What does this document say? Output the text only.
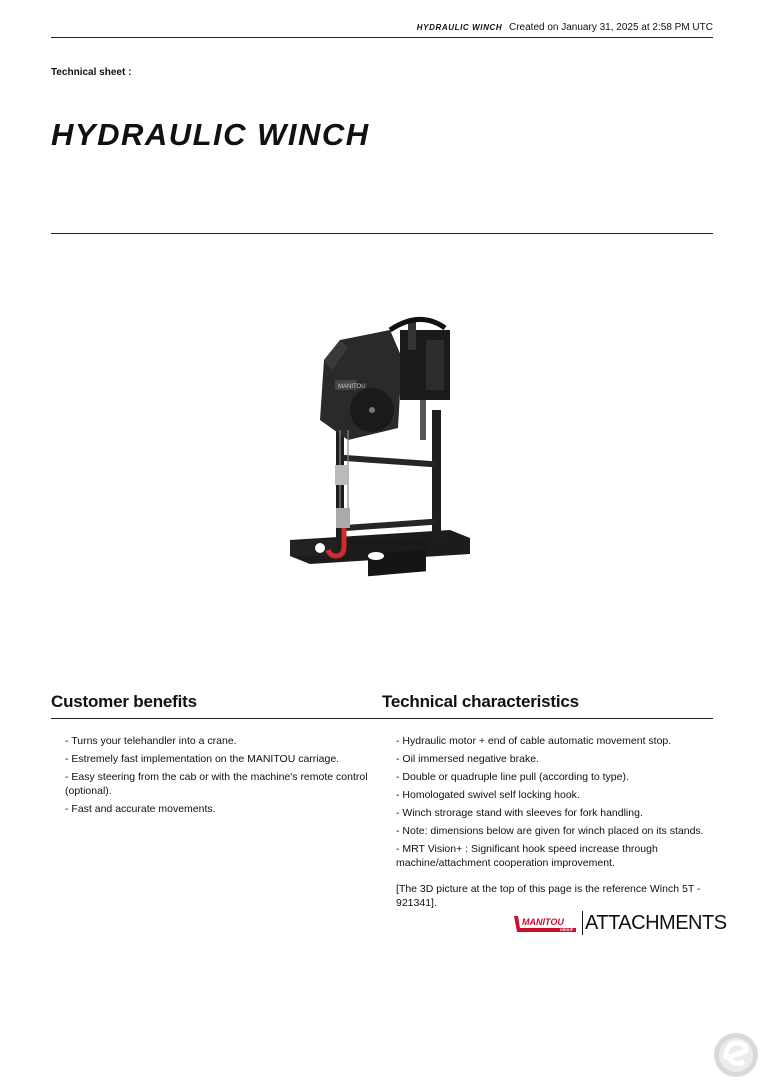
HYDRAULIC WINCH Created on January 31, 2025 at 2:58 PM UTC
Technical sheet :
HYDRAULIC WINCH
MANITOU
Customer benefits	Technical characteristics
- Turns your telehandler into a crane.
- Estremely fast implementation on the MANITOU carriage.
- Easy steering from the cab or with the machine's remote control (optional).
- Fast and accurate movements.
- Hydraulic motor + end of cable automatic movement stop.
- Oil immersed negative brake.
- Double or quadruple line pull (according to type).
- Homologated swivel self locking hook.
- Winch strorage stand with sleeves for fork handling.
- Note: dimensions below are given for winch placed on its stands.
- MRT Vision+ : Significant hook speed increase through machine/attachment cooperation improvement.
[The 3D picture at the top of this page is the reference Winch 5T - 921341].
MANITOU
GROUP ATTACHMENTS
